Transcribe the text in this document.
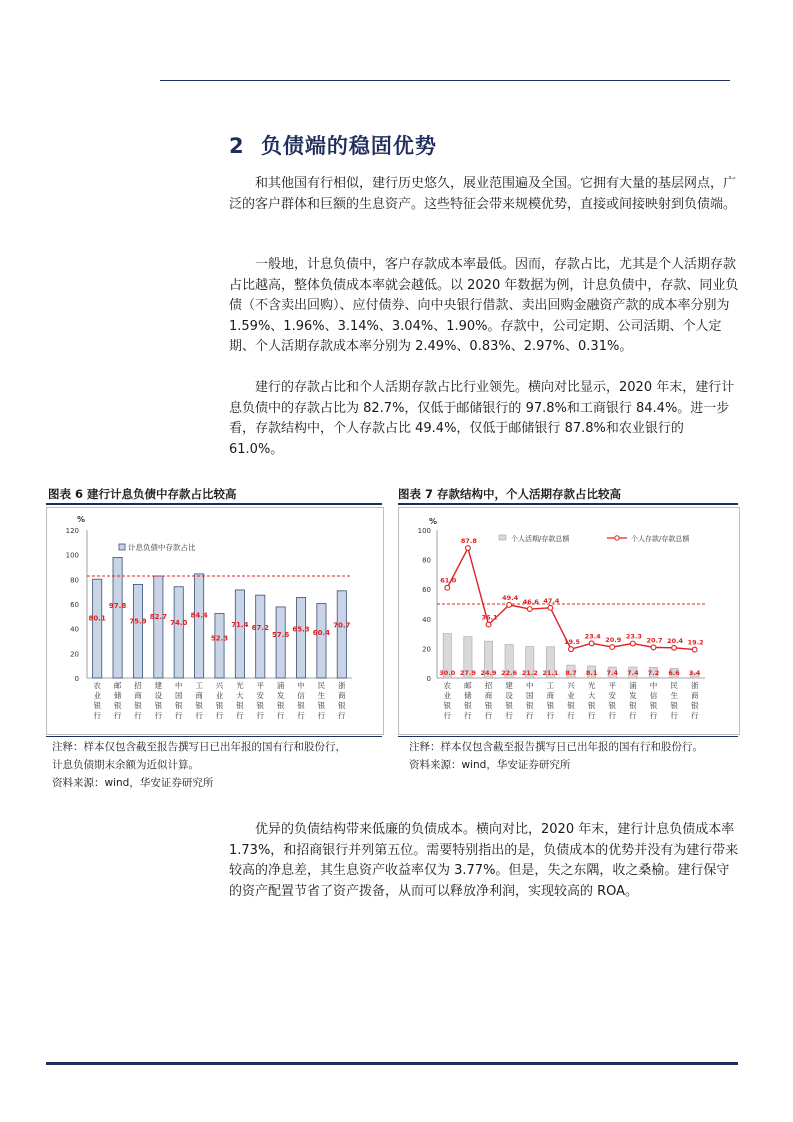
2 负债端的稳固优势

和其他国有行相似，建行历史悠久，展业范围遍及全国。它拥有大量的基层网点，广泛的客户群体和巨额的生息资产。这些特征会带来规模优势，直接或间接映射到负债端。

一般地，计息负债中，客户存款成本率最低。因而，存款占比，尤其是个人活期存款占比越高，整体负债成本率就会越低。以 2020 年数据为例，计息负债中，存款、同业负债（不含卖出回购）、应付债券、向中央银行借款、卖出回购金融资产款的成本率分别为 1.59%、1.96%、3.14%、3.04%、1.90%。存款中，公司定期、公司活期、个人定期、个人活期存款成本率分别为 2.49%、0.83%、2.97%、0.31%。

建行的存款占比和个人活期存款占比行业领先。横向对比显示，2020 年末，建行计息负债中的存款占比为 82.7%，仅低于邮储银行的 97.8%和工商银行 84.4%。进一步看，存款结构中，个人存款占比 49.4%，仅低于邮储银行 87.8%和农业银行的 61.0%。

图表 6 建行计息负债中存款占比较高
%
0
20
40
60
80
100
120
80.1
97.8
75.9
82.7
74.0
84.4
52.3
71.4 67.2
57.6
65.3 60.4
70.7
计息负债中存款占比
农
业
银
行
邮
储
银
行
招
商
银
行
建
设
银
行
中
国
银
行
工
商
银
行
兴
业
银
行
光
大
银
行
平
安
银
行
浦
发
银
行
中
信
银
行
民
生
银
行
浙
商
银
行
注释：样本仅包含截至报告撰写日已出年报的国有行和股份行，
计息负债期末余额为近似计算。
资料来源：wind，华安证券研究所
图表 7 存款结构中，个人活期存款占比较高
%
0
20
40
60
80
100
30.0 27.9 24.9 22.6 21.2 21.1 8.7 8.1 7.4 7.4 7.2 6.6 3.4
61.0
87.8
36.1
49.4
46.6 47.4
19.5
23.4 20.9 23.3 20.7 20.4 19.2
个人活期/存款总额	个人存款/存款总额
农
业
银
行
邮
储
银
行
招
商
银
行
建
设
银
行
中
国
银
行
工
商
银
行
兴
业
银
行
光
大
银
行
平
安
银
行
浦
发
银
行
中
信
银
行
民
生
银
行
浙
商
银
行
注释：样本仅包含截至报告撰写日已出年报的国有行和股份行。
资料来源：wind，华安证券研究所

优异的负债结构带来低廉的负债成本。横向对比，2020 年末，建行计息负债成本率 1.73%，和招商银行并列第五位。需要特别指出的是，负债成本的优势并没有为建行带来较高的净息差，其生息资产收益率仅为 3.77%。但是，失之东隅，收之桑榆。建行保守的资产配置节省了资产拨备，从而可以释放净利润，实现较高的 ROA。
